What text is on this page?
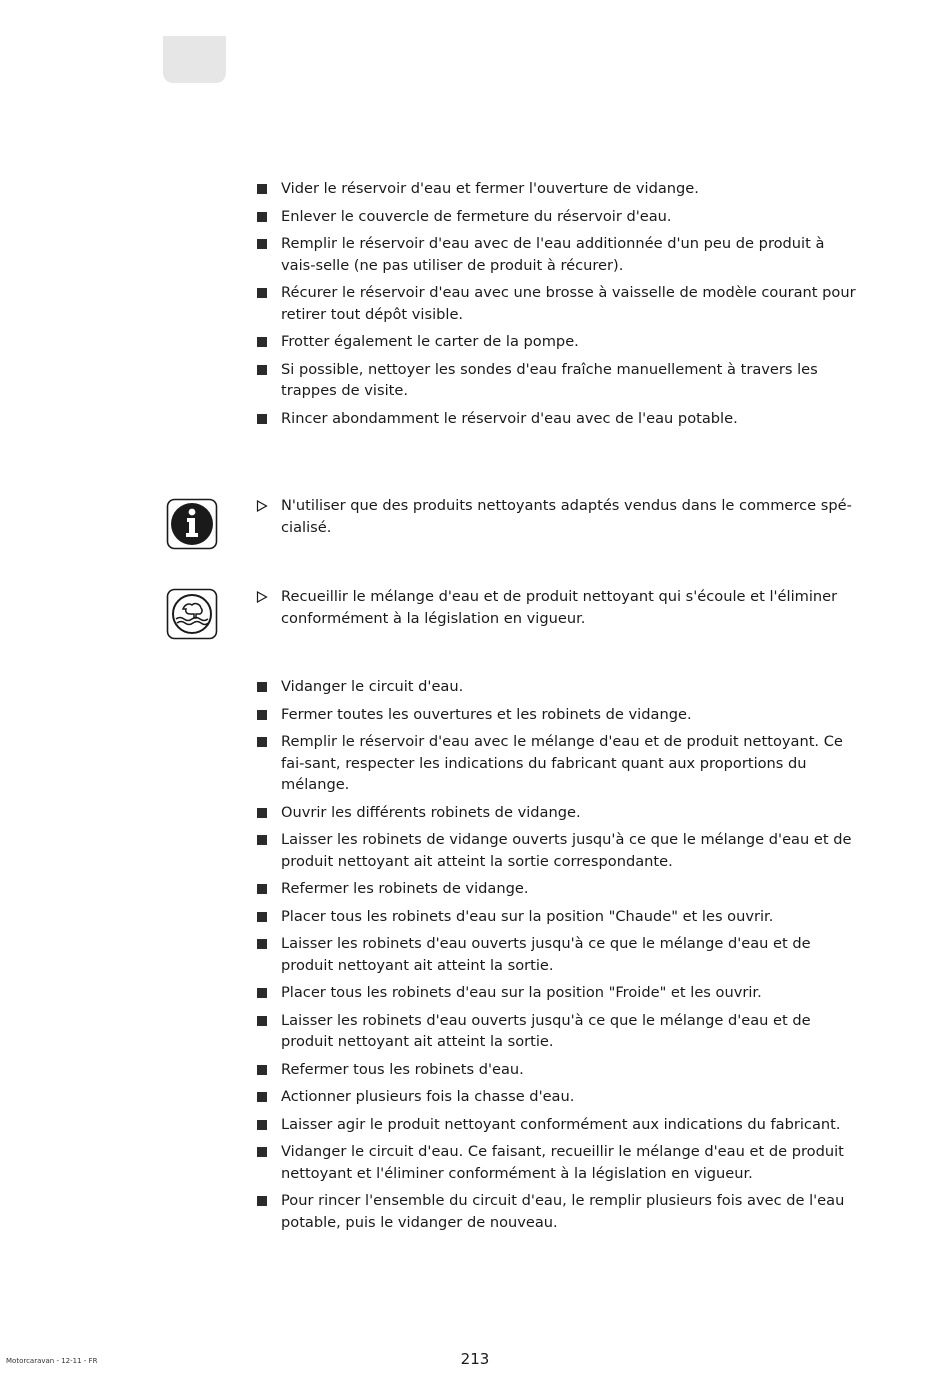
Vider le réservoir d'eau et fermer l'ouverture de vidange.
Enlever le couvercle de fermeture du réservoir d'eau.
Remplir le réservoir d'eau avec de l'eau additionnée d'un peu de produit à vais-selle (ne pas utiliser de produit à récurer).
Récurer le réservoir d'eau avec une brosse à vaisselle de modèle courant pour retirer tout dépôt visible.
Frotter également le carter de la pompe.
Si possible, nettoyer les sondes d'eau fraîche manuellement à travers les trappes de visite.
Rincer abondamment le réservoir d'eau avec de l'eau potable.
N'utiliser que des produits nettoyants adaptés vendus dans le commerce spé-cialisé.
Recueillir le mélange d'eau et de produit nettoyant qui s'écoule et l'éliminer conformément à la législation en vigueur.
Vidanger le circuit d'eau.
Fermer toutes les ouvertures et les robinets de vidange.
Remplir le réservoir d'eau avec le mélange d'eau et de produit nettoyant. Ce fai-sant, respecter les indications du fabricant quant aux proportions du mélange.
Ouvrir les différents robinets de vidange.
Laisser les robinets de vidange ouverts jusqu'à ce que le mélange d'eau et de produit nettoyant ait atteint la sortie correspondante.
Refermer les robinets de vidange.
Placer tous les robinets d'eau sur la position "Chaude" et les ouvrir.
Laisser les robinets d'eau ouverts jusqu'à ce que le mélange d'eau et de produit nettoyant ait atteint la sortie.
Placer tous les robinets d'eau sur la position "Froide" et les ouvrir.
Laisser les robinets d'eau ouverts jusqu'à ce que le mélange d'eau et de produit nettoyant ait atteint la sortie.
Refermer tous les robinets d'eau.
Actionner plusieurs fois la chasse d'eau.
Laisser agir le produit nettoyant conformément aux indications du fabricant.
Vidanger le circuit d'eau. Ce faisant, recueillir le mélange d'eau et de produit nettoyant et l'éliminer conformément à la législation en vigueur.
Pour rincer l'ensemble du circuit d'eau, le remplir plusieurs fois avec de l'eau potable, puis le vidanger de nouveau.
213
Motorcaravan - 12-11 - FR
